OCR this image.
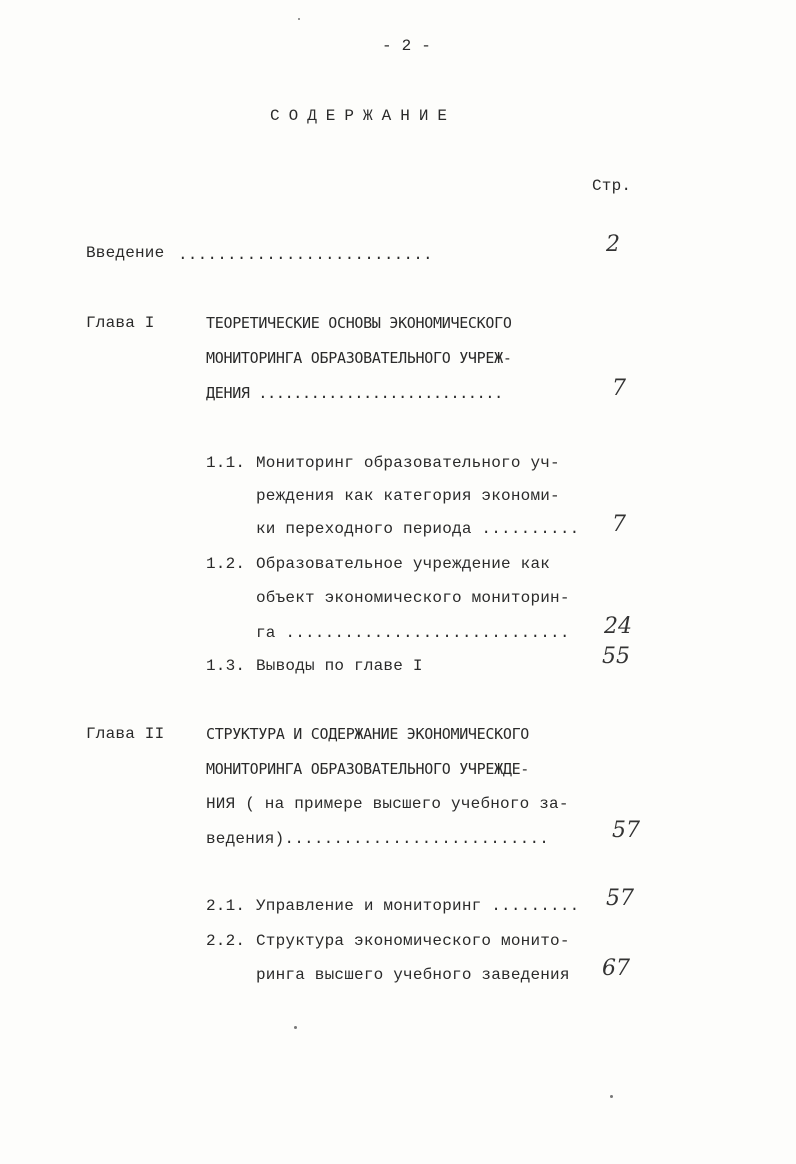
- 2 -
СОДЕРЖАНИЕ
Стр.
Введение ..........................	2
Глава I	ТЕОРЕТИЧЕСКИЕ ОСНОВЫ ЭКОНОМИЧЕСКОГО
МОНИТОРИНГА ОБРАЗОВАТЕЛЬНОГО УЧРЕЖ-
ДЕНИЯ ............................	7
1.1. Мониторинг образовательного уч-
реждения как категория экономи-
ки переходного периода .......... 7
1.2. Образовательное учреждение как
объект экономического мониторин-
га ............................. 24
1.3. Выводы по главе I	55
Глава II	СТРУКТУРА И СОДЕРЖАНИЕ ЭКОНОМИЧЕСКОГО
МОНИТОРИНГА ОБРАЗОВАТЕЛЬНОГО УЧРЕЖДЕ-
НИЯ ( на примере высшего учебного за-
ведения)...........................	57
2.1. Управление и мониторинг ......... 57
2.2. Структура экономического монито-
ринга высшего учебного заведения 67
